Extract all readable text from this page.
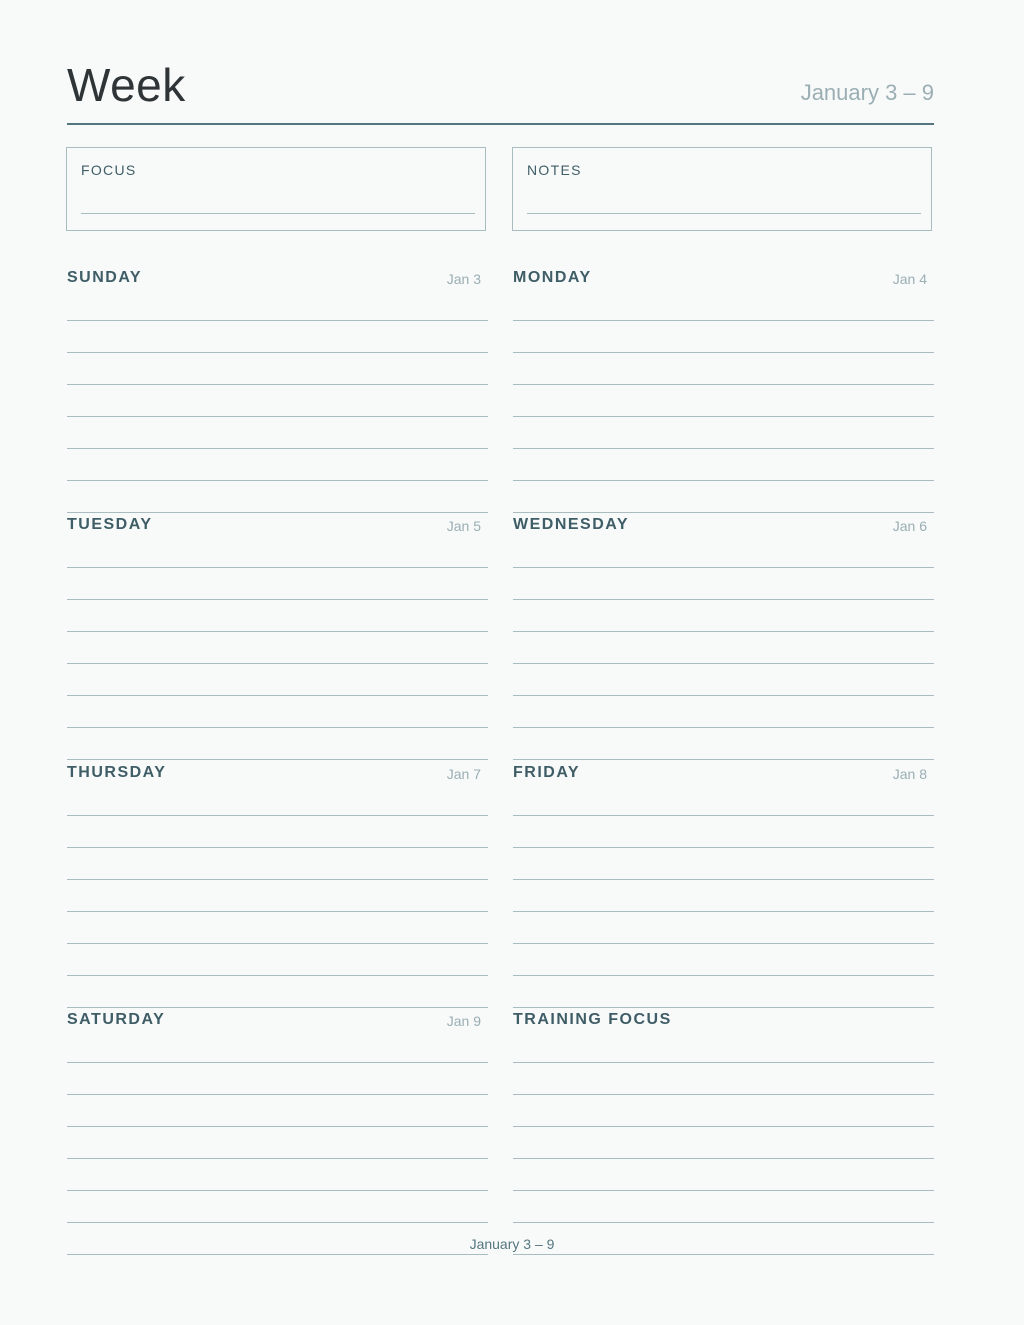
Week	January 3 – 9
FOCUS	NOTES
SUNDAY	Jan 3 MONDAY	Jan 4
TUESDAY	Jan 5 WEDNESDAY	Jan 6
THURSDAY	Jan 7 FRIDAY	Jan 8
SATURDAY	Jan 9 TRAINING FOCUS
January 3 – 9
